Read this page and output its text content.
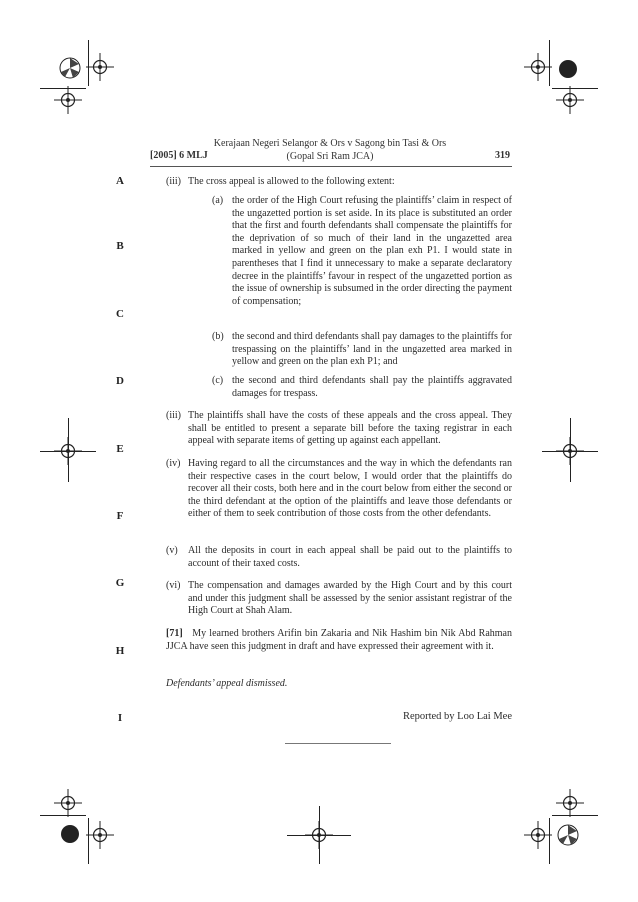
Kerajaan Negeri Selangor & Ors v Sagong bin Tasi & Ors
(Gopal Sri Ram JCA)
[2005] 6 MLJ	319
A
B
C
D
E
F
G
H
I
(iii) The cross appeal is allowed to the following extent:
(a) the order of the High Court refusing the plaintiffs’ claim in respect of the ungazetted portion is set aside. In its place is substituted an order that the first and fourth defendants shall compensate the plaintiffs for the deprivation of so much of their land in the ungazetted area marked in yellow and green on the plan exh P1. I would state in parentheses that I find it unnecessary to make a separate declaratory decree in the plaintiffs’ favour in respect of the ungazetted portion as the issue of ownership is subsumed in the order directing the payment of compensation;
(b) the second and third defendants shall pay damages to the plaintiffs for trespassing on the plaintiffs’ land in the ungazetted area marked in yellow and green on the plan exh P1; and
(c) the second and third defendants shall pay the plaintiffs aggravated damages for trespass.
(iii) The plaintiffs shall have the costs of these appeals and the cross appeal. They shall be entitled to present a separate bill before the taxing registrar in each appeal with separate items of getting up against each appellant.
(iv) Having regard to all the circumstances and the way in which the defendants ran their respective cases in the court below, I would order that the plaintiffs do recover all their costs, both here and in the court below from either the second or the third defendant at the option of the plaintiffs and leave those defendants or either of them to seek contribution of those costs from the other defendants.
(v) All the deposits in court in each appeal shall be paid out to the plaintiffs to account of their taxed costs.
(vi) The compensation and damages awarded by the High Court and by this court and under this judgment shall be assessed by the senior assistant registrar of the High Court at Shah Alam.
[71] My learned brothers Arifin bin Zakaria and Nik Hashim bin Nik Abd Rahman JJCA have seen this judgment in draft and have expressed their agreement with it.
Defendants’ appeal dismissed.
Reported by Loo Lai Mee
